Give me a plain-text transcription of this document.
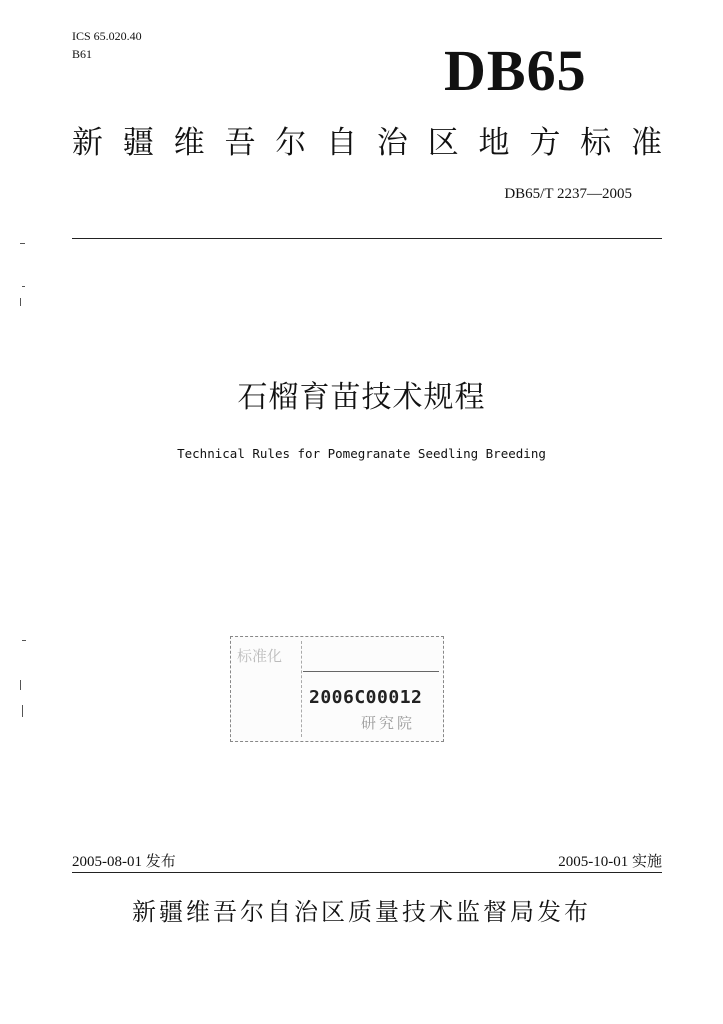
ICS 65.020.40
B61	DB65
新 疆 维 吾 尔 自 治 区 地 方 标 准
DB65/T 2237—2005
石榴育苗技术规程
Technical Rules for Pomegranate Seedling Breeding
标准化
2006C00012
研究院
2005-08-01 发布	2005-10-01 实施
新疆维吾尔自治区质量技术监督局发布
